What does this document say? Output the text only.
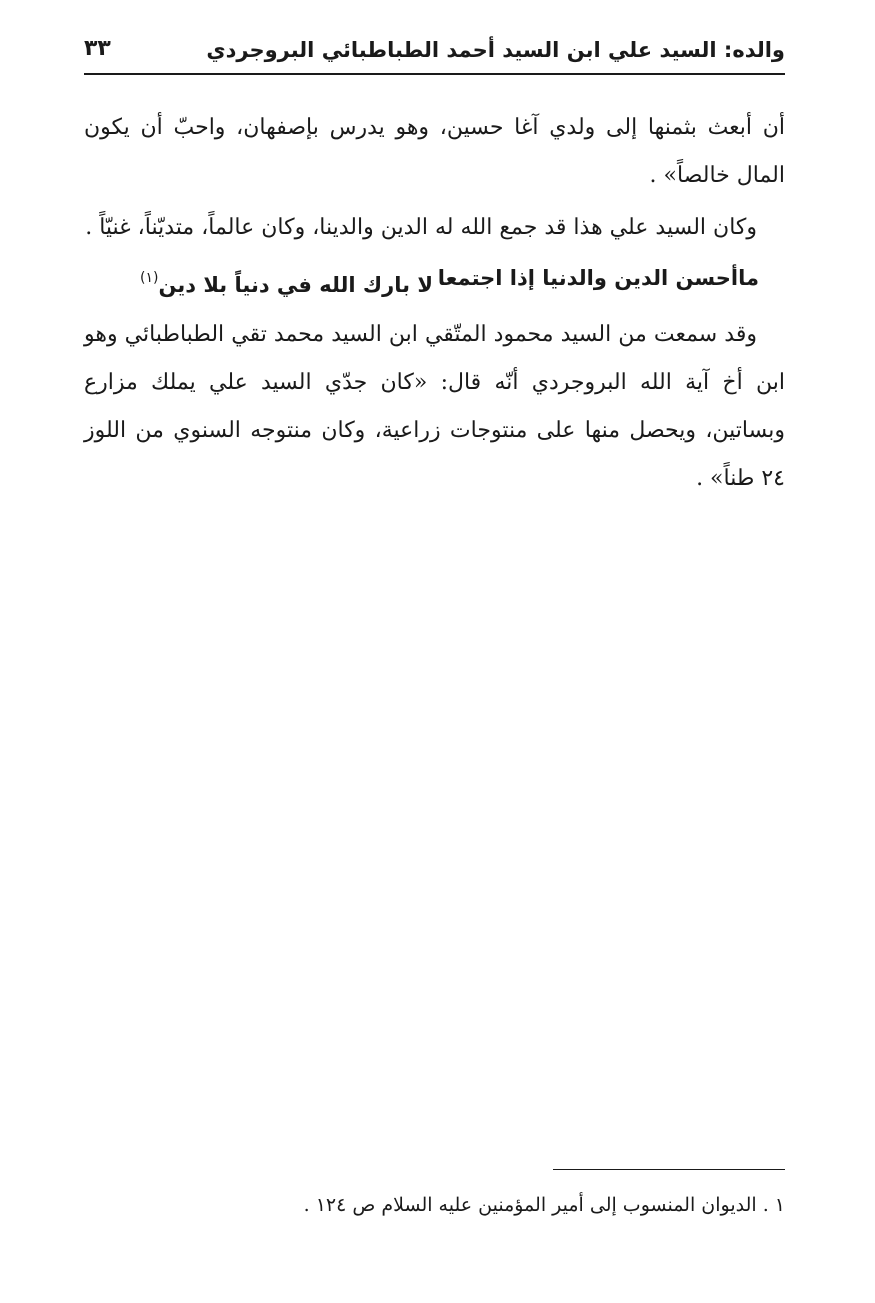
والده: السيد علي ابن السيد أحمد الطباطبائي البروجردي
٣٣

أن أبعث بثمنها إلى ولدي آغا حسين، وهو يدرس بإصفهان، واحبّ أن يكون المال خالصاً» .

وكان السيد علي هذا قد جمع الله له الدين والدينا، وكان عالماً، متديّناً، غنيّاً .

ماأحسن الدين والدنيا إذا اجتمعا
لا بارك الله في دنياً بلا دين$^{(١)}$

وقد سمعت من السيد محمود المتّقي ابن السيد محمد تقي الطباطبائي وهو ابن أخ آية الله البروجردي أنّه قال: «كان جدّي السيد علي يملك مزارع وبساتين، ويحصل منها على منتوجات زراعية، وكان منتوجه السنوي من اللوز ٢٤ طناً» .

١ . الديوان المنسوب إلى أمير المؤمنين عليه السلام ص ١٢٤ .
